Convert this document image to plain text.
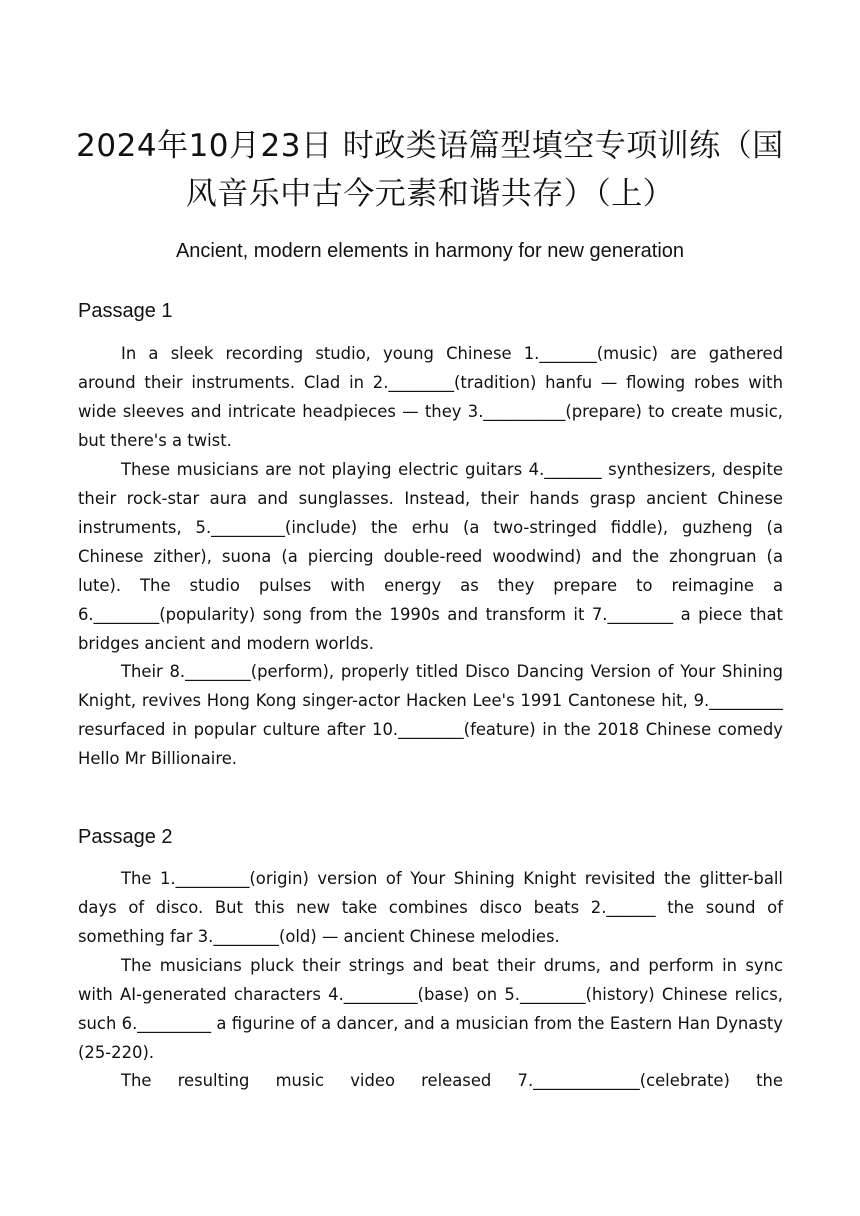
2024年10月23日 时政类语篇型填空专项训练（国
风音乐中古今元素和谐共存）（上）
Ancient, modern elements in harmony for new generation
Passage 1

In a sleek recording studio, young Chinese 1._______(music) are gathered around their instruments. Clad in 2.________(tradition) hanfu — flowing robes with wide sleeves and intricate headpieces — they 3.__________(prepare) to create music, but there's a twist.

These musicians are not playing electric guitars 4._______ synthesizers, despite their rock-star aura and sunglasses. Instead, their hands grasp ancient Chinese instruments, 5._________(include) the erhu (a two-stringed fiddle), guzheng (a Chinese zither), suona (a piercing double-reed woodwind) and the zhongruan (a lute). The studio pulses with energy as they prepare to reimagine a 6.________(popularity) song from the 1990s and transform it 7.________ a piece that bridges ancient and modern worlds.

Their 8.________(perform), properly titled Disco Dancing Version of Your Shining Knight, revives Hong Kong singer-actor Hacken Lee's 1991 Cantonese hit, 9._________ resurfaced in popular culture after 10.________(feature) in the 2018 Chinese comedy Hello Mr Billionaire.

Passage 2

The 1._________(origin) version of Your Shining Knight revisited the glitter-ball days of disco. But this new take combines disco beats 2.______ the sound of something far 3.________(old) — ancient Chinese melodies.

The musicians pluck their strings and beat their drums, and perform in sync with AI-generated characters 4._________(base) on 5.________(history) Chinese relics, such 6._________ a figurine of a dancer, and a musician from the Eastern Han Dynasty (25-220).

The resulting music video released 7._____________(celebrate) the
